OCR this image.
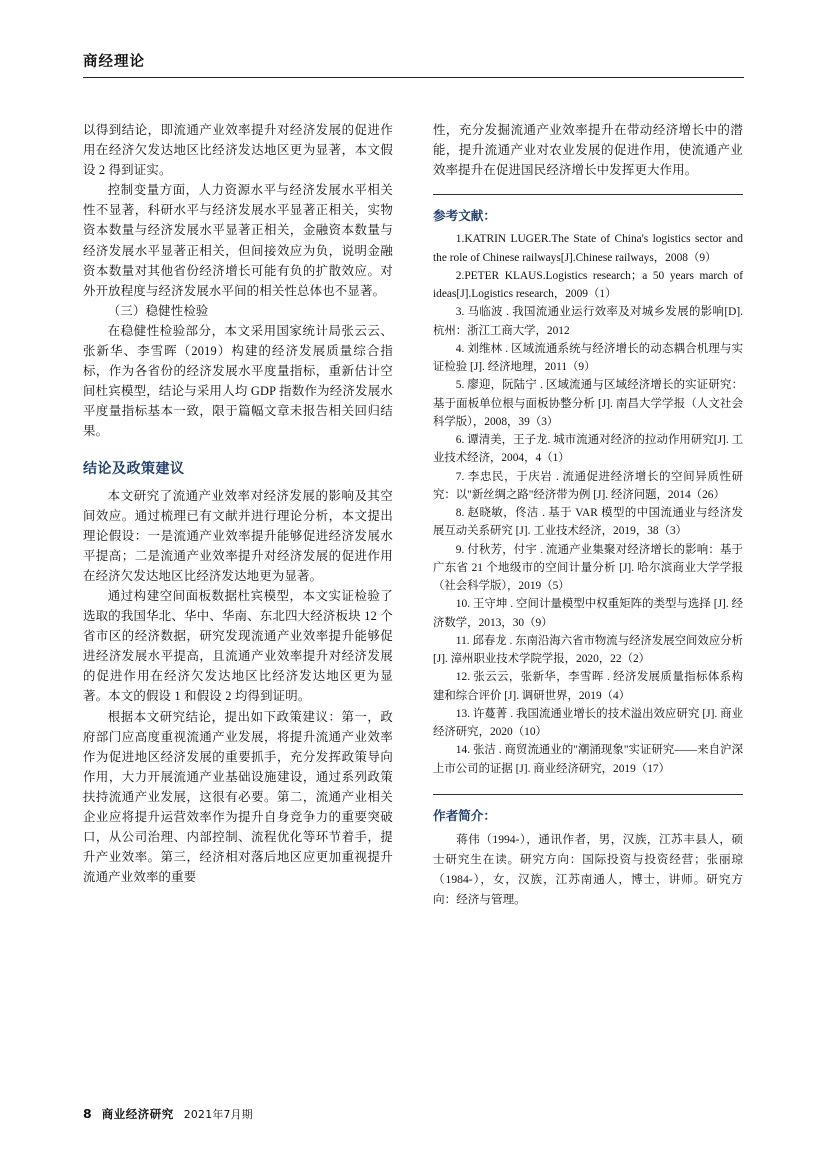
商经理论

以得到结论，即流通产业效率提升对经济发展的促进作用在经济欠发达地区比经济发达地区更为显著，本文假设 2 得到证实。

控制变量方面，人力资源水平与经济发展水平相关性不显著，科研水平与经济发展水平显著正相关，实物资本数量与经济发展水平显著正相关，金融资本数量与经济发展水平显著正相关，但间接效应为负，说明金融资本数量对其他省份经济增长可能有负的扩散效应。对外开放程度与经济发展水平间的相关性总体也不显著。

（三）稳健性检验

在稳健性检验部分，本文采用国家统计局张云云、张新华、李雪晖（2019）构建的经济发展质量综合指标，作为各省份的经济发展水平度量指标，重新估计空间杜宾模型，结论与采用人均 GDP 指数作为经济发展水平度量指标基本一致，限于篇幅文章未报告相关回归结果。

结论及政策建议

本文研究了流通产业效率对经济发展的影响及其空间效应。通过梳理已有文献并进行理论分析，本文提出理论假设：一是流通产业效率提升能够促进经济发展水平提高；二是流通产业效率提升对经济发展的促进作用在经济欠发达地区比经济发达地更为显著。

通过构建空间面板数据杜宾模型，本文实证检验了选取的我国华北、华中、华南、东北四大经济板块 12 个省市区的经济数据，研究发现流通产业效率提升能够促进经济发展水平提高，且流通产业效率提升对经济发展的促进作用在经济欠发达地区比经济发达地区更为显著。本文的假设 1 和假设 2 均得到证明。

根据本文研究结论，提出如下政策建议：第一，政府部门应高度重视流通产业发展，将提升流通产业效率作为促进地区经济发展的重要抓手，充分发挥政策导向作用，大力开展流通产业基础设施建设，通过系列政策扶持流通产业发展，这很有必要。第二，流通产业相关企业应将提升运营效率作为提升自身竞争力的重要突破口，从公司治理、内部控制、流程优化等环节着手，提升产业效率。第三，经济相对落后地区应更加重视提升流通产业效率的重要

性，充分发掘流通产业效率提升在带动经济增长中的潜能，提升流通产业对农业发展的促进作用，使流通产业效率提升在促进国民经济增长中发挥更大作用。

参考文献：

1.KATRIN LUGER.The State of China's logistics sector and the role of Chinese railways[J].Chinese railways，2008（9）

2.PETER KLAUS.Logistics research；a 50 years march of ideas[J].Logistics research，2009（1）

3. 马临波 . 我国流通业运行效率及对城乡发展的影响[D]. 杭州：浙江工商大学，2012

4. 刘维林 . 区域流通系统与经济增长的动态耦合机理与实证检验 [J]. 经济地理，2011（9）

5. 廖迎，阮陆宁 . 区域流通与区域经济增长的实证研究：基于面板单位根与面板协整分析 [J]. 南昌大学学报（人文社会科学版），2008，39（3）

6. 谭清美，王子龙. 城市流通对经济的拉动作用研究[J]. 工业技术经济，2004，4（1）

7. 李忠民，于庆岩 . 流通促进经济增长的空间异质性研究：以"新丝绸之路"经济带为例 [J]. 经济问题，2014（26）

8. 赵晓敏，佟洁 . 基于 VAR 模型的中国流通业与经济发展互动关系研究 [J]. 工业技术经济，2019，38（3）

9. 付秋芳，付宇 . 流通产业集聚对经济增长的影响：基于广东省 21 个地级市的空间计量分析 [J]. 哈尔滨商业大学学报（社会科学版），2019（5）

10. 王守坤 . 空间计量模型中权重矩阵的类型与选择 [J]. 经济数学，2013，30（9）

11. 邱春龙 . 东南沿海六省市物流与经济发展空间效应分析 [J]. 漳州职业技术学院学报，2020，22（2）

12. 张云云，张新华，李雪晖 . 经济发展质量指标体系构建和综合评价 [J]. 调研世界，2019（4）

13. 许蔓菁 . 我国流通业增长的技术溢出效应研究 [J]. 商业经济研究，2020（10）

14. 张洁 . 商贸流通业的"潮涌现象"实证研究——来自沪深上市公司的证据 [J]. 商业经济研究，2019（17）

作者简介：

蒋伟（1994-），通讯作者，男，汉族，江苏丰县人，硕士研究生在读。研究方向：国际投资与投资经营；张丽琼（1984-），女，汉族，江苏南通人，博士，讲师。研究方向：经济与管理。

8 商业经济研究 2021年7月期
